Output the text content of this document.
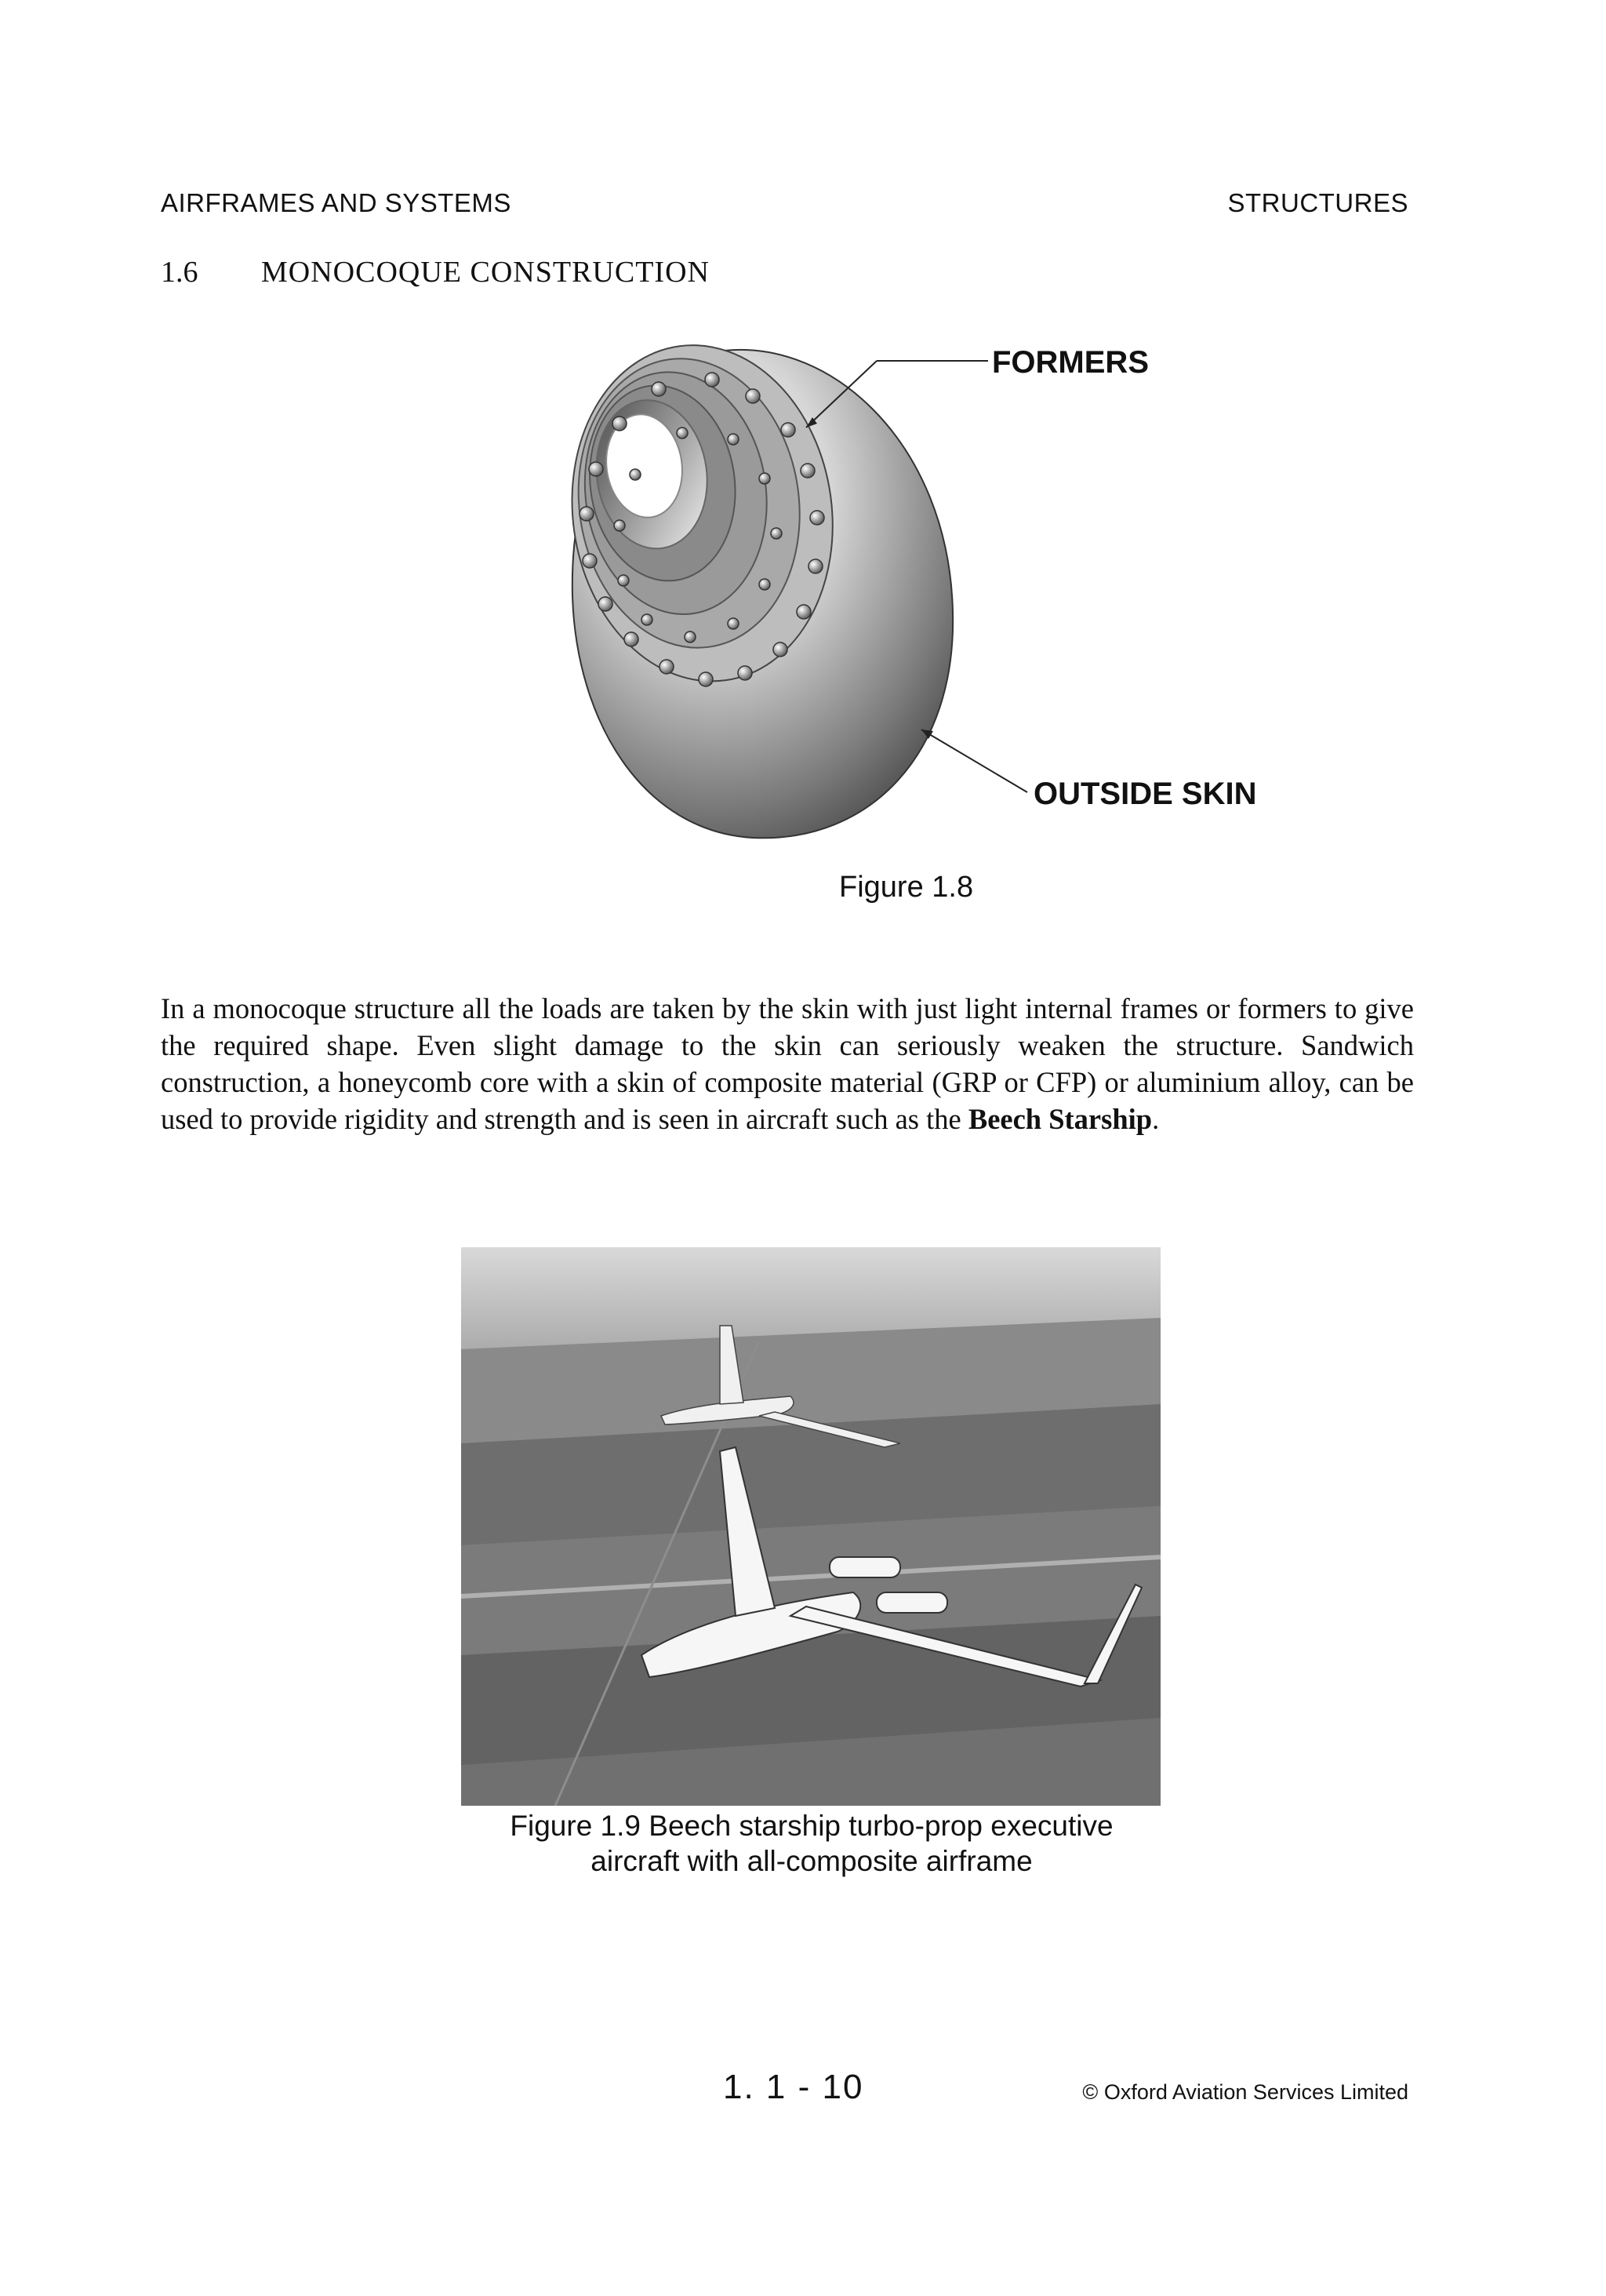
AIRFRAMES AND SYSTEMS	STRUCTURES
1.6 MONOCOQUE CONSTRUCTION
FORMERS
OUTSIDE SKIN
Figure 1.8

In a monocoque structure all the loads are taken by the skin with just light internal frames or formers to give the required shape. Even slight damage to the skin can seriously weaken the structure. Sandwich construction, a honeycomb core with a skin of composite material (GRP or CFP) or aluminium alloy, can be used to provide rigidity and strength and is seen in aircraft such as the Beech Starship.

Figure 1.9 Beech starship turbo-prop executive
aircraft with all-composite airframe
1. 1 - 10	© Oxford Aviation Services Limited
